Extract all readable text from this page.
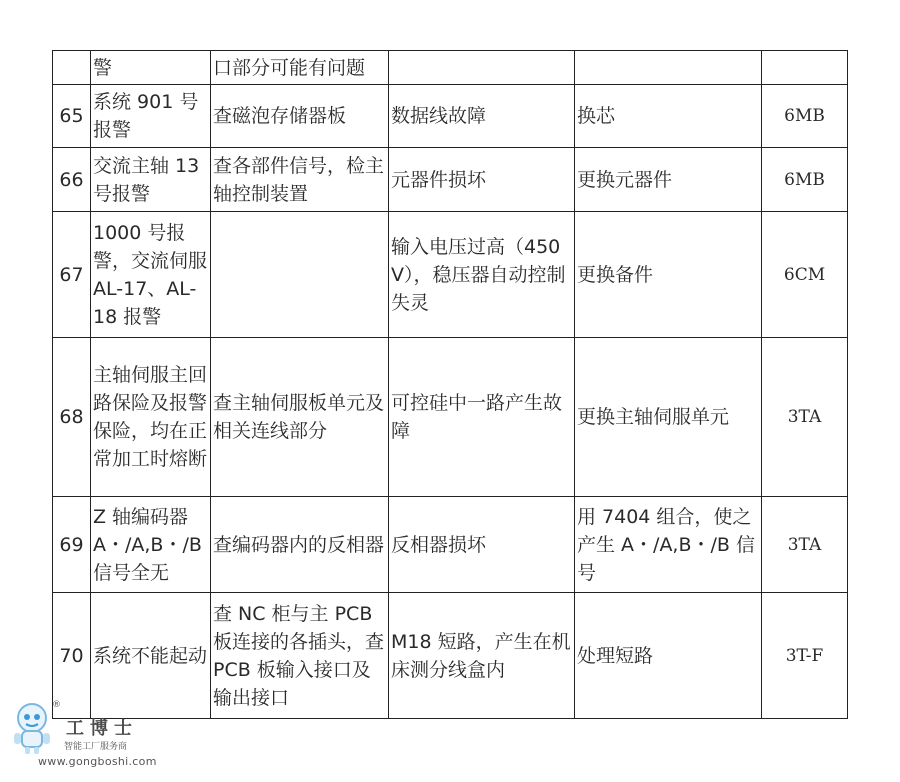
	警	口部分可能有问题			
65	系统 901 号报警	查磁泡存储器板	数据线故障	换芯	6MB
66	交流主轴 13 号报警	查各部件信号，检主轴控制装置	元器件损坏	更换元器件	6MB
67	1000 号报警，交流伺服 AL-17、AL-18 报警		输入电压过高（450V），稳压器自动控制失灵	更换备件	6CM
68	主轴伺服主回路保险及报警保险，均在正常加工时熔断	查主轴伺服板单元及相关连线部分	可控硅中一路产生故障	更换主轴伺服单元	3TA
69	Z 轴编码器 A・/A,B・/B 信号全无	查编码器内的反相器	反相器损坏	用 7404 组合，使之产生 A・/A,B・/B 信号	3TA
70	系统不能起动	查 NC 柜与主 PCB 板连接的各插头，查 PCB 板输入接口及输出接口	M18 短路，产生在机床测分线盒内	处理短路	3T-F
®
工博士
智能工厂服务商
www.gongboshi.com
